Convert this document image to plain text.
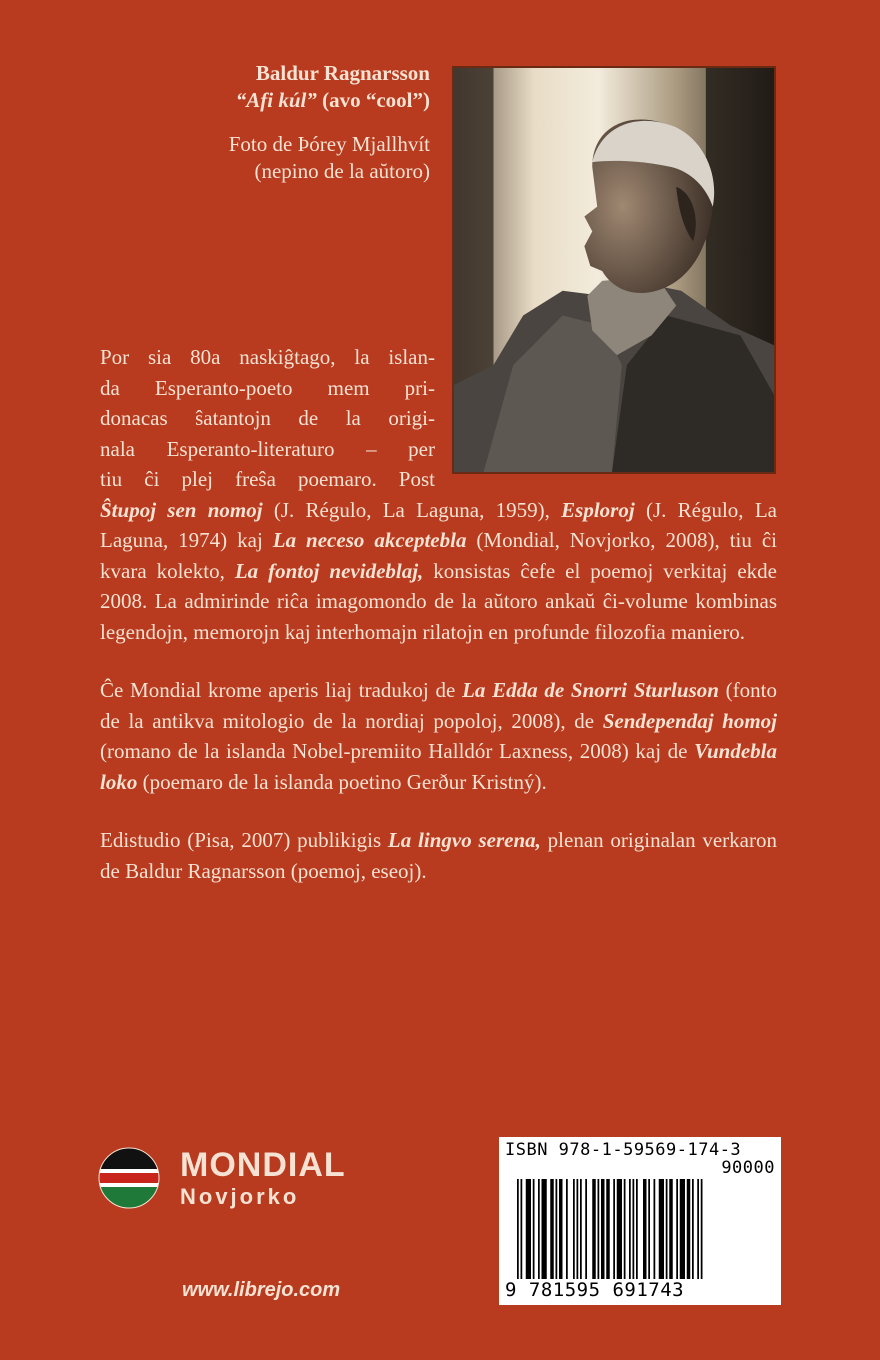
Baldur Ragnarsson
“Afi kúl” (avo “cool”)
Foto de Þórey Mjallhvít
(nepino de la aŭtoro)
Por sia 80a naskiĝtago, la islan-
da Esperanto-poeto mem pri-
donacas ŝatantojn de la origi-
nala Esperanto-literaturo – per
tiu ĉi plej freŝa poemaro. Post
Ŝtupoj sen nomoj (J. Régulo, La Laguna, 1959), Esploroj (J. Régulo, La Laguna, 1974) kaj La neceso akceptebla (Mondial, Novjorko, 2008), tiu ĉi kvara kolekto, La fontoj nevideblaj, konsistas ĉefe el poemoj verkitaj ekde 2008. La admirinde riĉa imagomondo de la aŭtoro ankaŭ ĉi-volume kombinas legendojn, memorojn kaj interhomajn rilatojn en profunde filozofia maniero.
Ĉe Mondial krome aperis liaj tradukoj de La Edda de Snorri Sturluson (fonto de la antikva mitologio de la nordiaj popoloj, 2008), de Sendependaj homoj (romano de la islanda Nobel-premiito Halldór Laxness, 2008) kaj de Vundebla loko (poemaro de la islanda poetino Gerður Kristný).
Edistudio (Pisa, 2007) publikigis La lingvo serena, plenan originalan verkaron de Baldur Ragnarsson (poemoj, eseoj).
MONDIAL
Novjorko
www.librejo.com
ISBN 978-1-59569-174-3
90000
9 781595 691743
